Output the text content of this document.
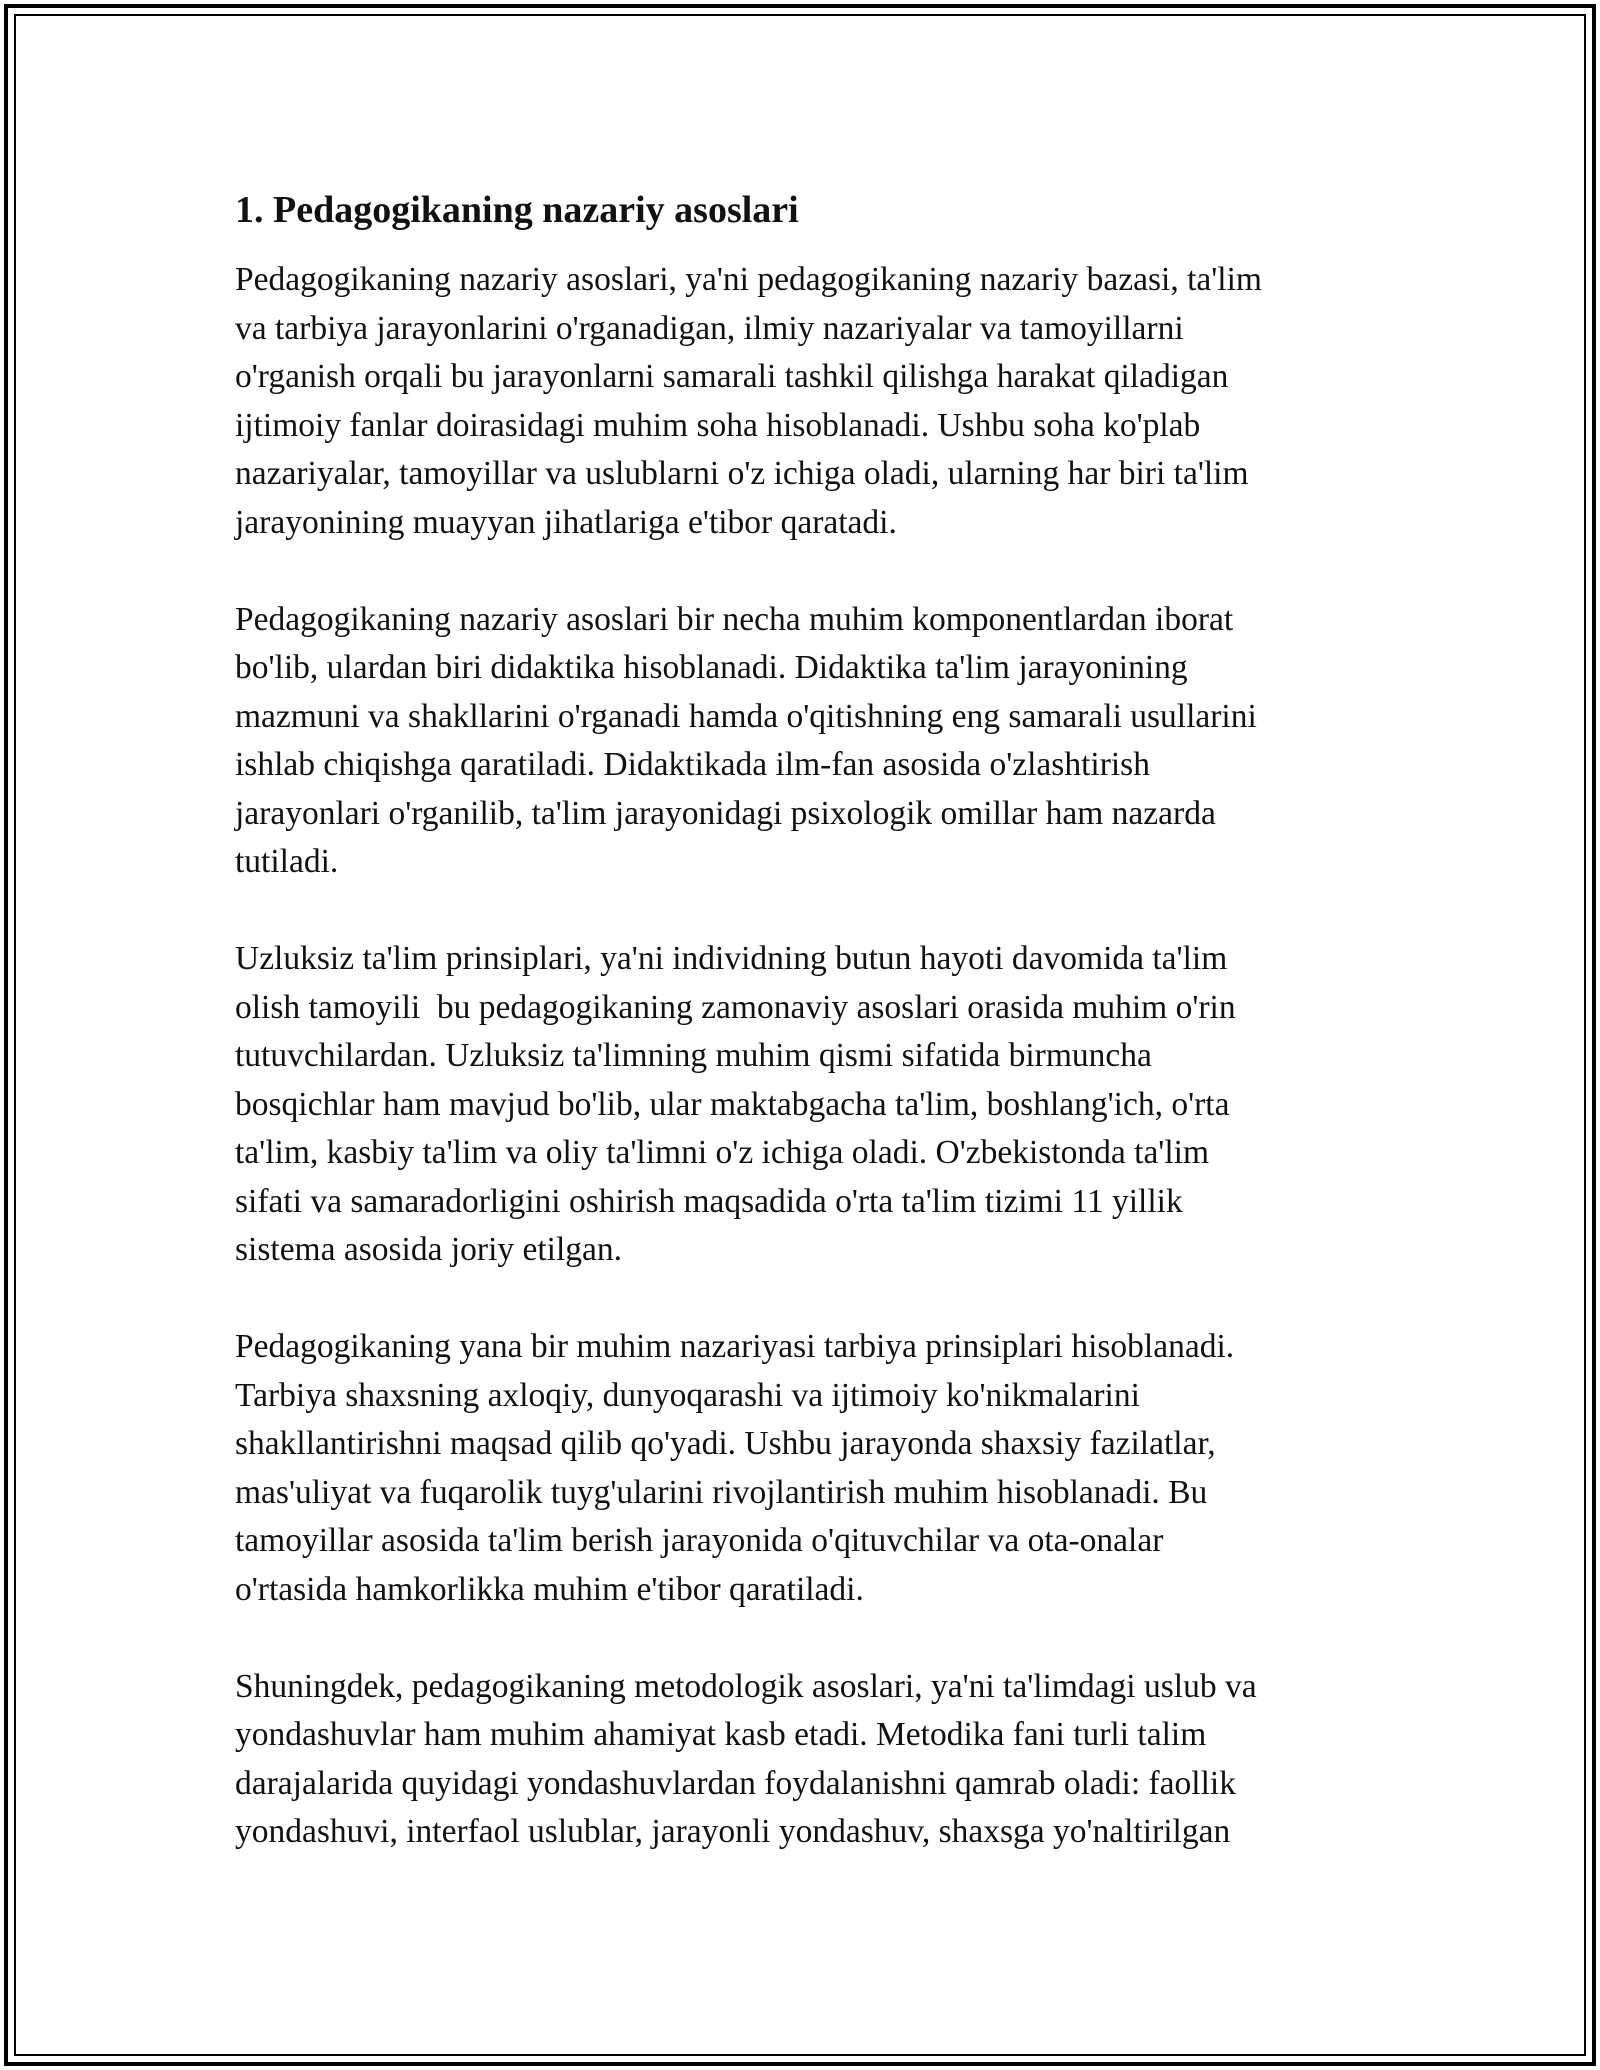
1. Pedagogikaning nazariy asoslari

Pedagogikaning nazariy asoslari, ya'ni pedagogikaning nazariy bazasi, ta'lim
va tarbiya jarayonlarini o'rganadigan, ilmiy nazariyalar va tamoyillarni
o'rganish orqali bu jarayonlarni samarali tashkil qilishga harakat qiladigan
ijtimoiy fanlar doirasidagi muhim soha hisoblanadi. Ushbu soha ko'plab
nazariyalar, tamoyillar va uslublarni o'z ichiga oladi, ularning har biri ta'lim
jarayonining muayyan jihatlariga e'tibor qaratadi.

Pedagogikaning nazariy asoslari bir necha muhim komponentlardan iborat
bo'lib, ulardan biri didaktika hisoblanadi. Didaktika ta'lim jarayonining
mazmuni va shakllarini o'rganadi hamda o'qitishning eng samarali usullarini
ishlab chiqishga qaratiladi. Didaktikada ilm-fan asosida o'zlashtirish
jarayonlari o'rganilib, ta'lim jarayonidagi psixologik omillar ham nazarda
tutiladi.

Uzluksiz ta'lim prinsiplari, ya'ni individning butun hayoti davomida ta'lim
olish tamoyili  bu pedagogikaning zamonaviy asoslari orasida muhim o'rin
tutuvchilardan. Uzluksiz ta'limning muhim qismi sifatida birmuncha
bosqichlar ham mavjud bo'lib, ular maktabgacha ta'lim, boshlang'ich, o'rta
ta'lim, kasbiy ta'lim va oliy ta'limni o'z ichiga oladi. O'zbekistonda ta'lim
sifati va samaradorligini oshirish maqsadida o'rta ta'lim tizimi 11 yillik
sistema asosida joriy etilgan.

Pedagogikaning yana bir muhim nazariyasi tarbiya prinsiplari hisoblanadi.
Tarbiya shaxsning axloqiy, dunyoqarashi va ijtimoiy ko'nikmalarini
shakllantirishni maqsad qilib qo'yadi. Ushbu jarayonda shaxsiy fazilatlar,
mas'uliyat va fuqarolik tuyg'ularini rivojlantirish muhim hisoblanadi. Bu
tamoyillar asosida ta'lim berish jarayonida o'qituvchilar va ota-onalar
o'rtasida hamkorlikka muhim e'tibor qaratiladi.

Shuningdek, pedagogikaning metodologik asoslari, ya'ni ta'limdagi uslub va
yondashuvlar ham muhim ahamiyat kasb etadi. Metodika fani turli talim
darajalarida quyidagi yondashuvlardan foydalanishni qamrab oladi: faollik
yondashuvi, interfaol uslublar, jarayonli yondashuv, shaxsga yo'naltirilgan
